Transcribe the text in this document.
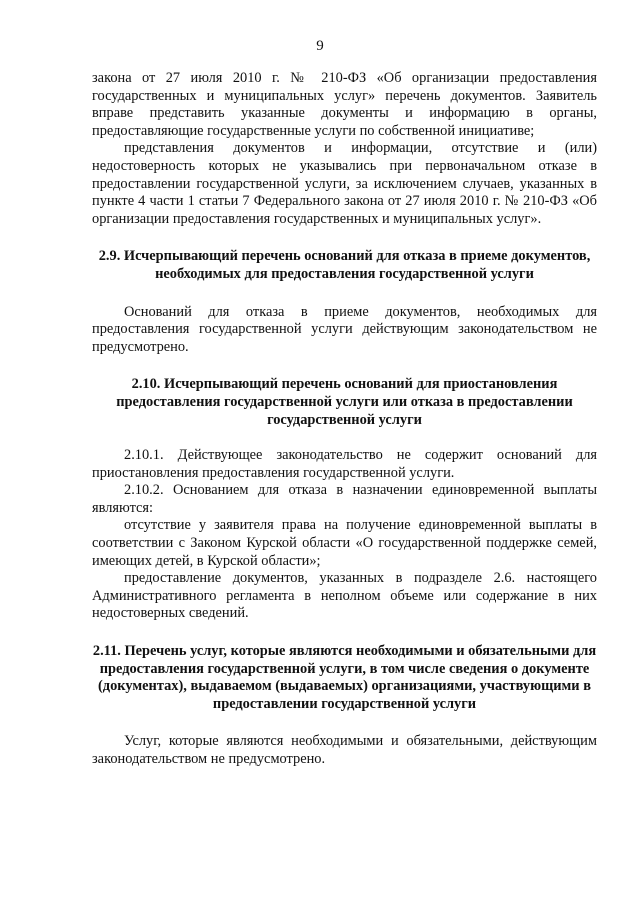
9

закона от 27 июля 2010 г. № 210-ФЗ «Об организации предоставления государственных и муниципальных услуг» перечень документов. Заявитель вправе представить указанные документы и информацию в органы, предоставляющие государственные услуги по собственной инициативе;

представления документов и информации, отсутствие и (или) недостоверность которых не указывались при первоначальном отказе в предоставлении государственной услуги, за исключением случаев, указанных в пункте 4 части 1 статьи 7 Федерального закона от 27 июля 2010 г. № 210-ФЗ «Об организации предоставления государственных и муниципальных услуг».

2.9. Исчерпывающий перечень оснований для отказа в приеме документов, необходимых для предоставления государственной услуги

Оснований для отказа в приеме документов, необходимых для предоставления государственной услуги действующим законодательством не предусмотрено.

2.10. Исчерпывающий перечень оснований для приостановления предоставления государственной услуги или отказа в предоставлении государственной услуги

2.10.1. Действующее законодательство не содержит оснований для приостановления предоставления государственной услуги.

2.10.2. Основанием для отказа в назначении единовременной выплаты являются:

отсутствие у заявителя права на получение единовременной выплаты в соответствии с Законом Курской области «О государственной поддержке семей, имеющих детей, в Курской области»;

предоставление документов, указанных в подразделе 2.6. настоящего Административного регламента в неполном объеме или содержание в них недостоверных сведений.

2.11. Перечень услуг, которые являются необходимыми и обязательными для предоставления государственной услуги, в том числе сведения о документе (документах), выдаваемом (выдаваемых) организациями, участвующими в предоставлении государственной услуги

Услуг, которые являются необходимыми и обязательными, действующим законодательством не предусмотрено.
